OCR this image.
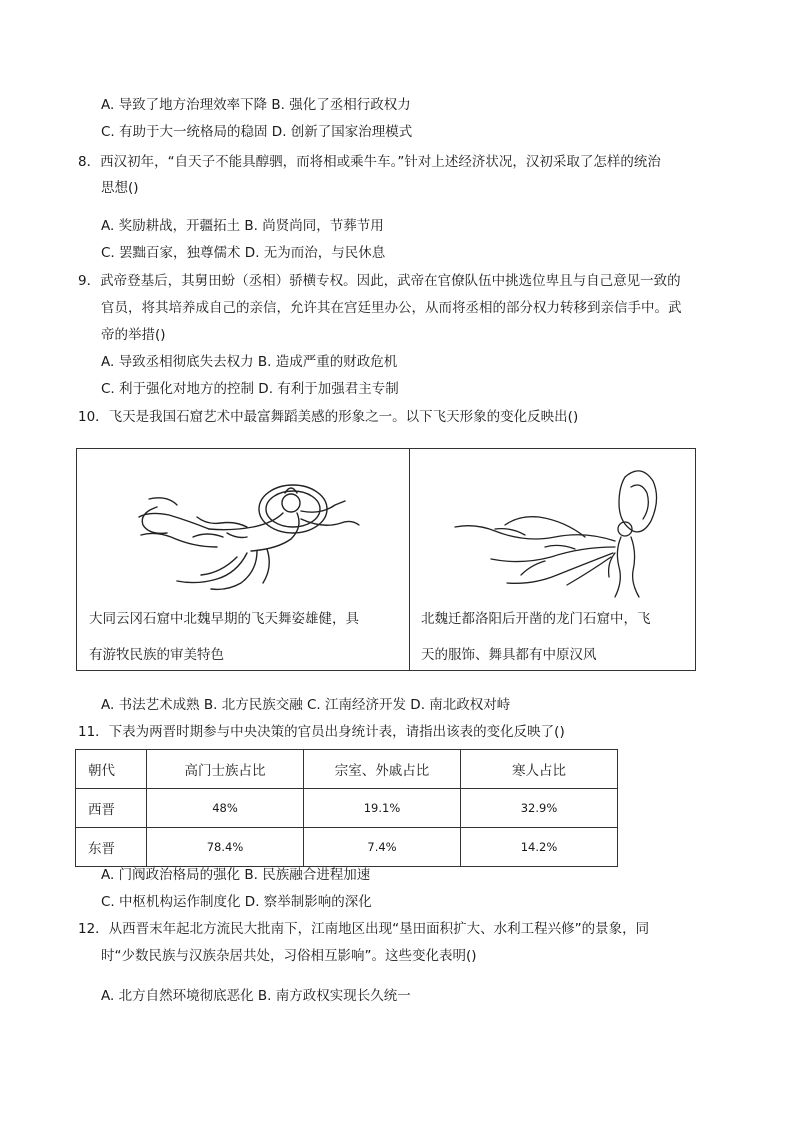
A. 导致了地方治理效率下降 B. 强化了丞相行政权力
C. 有助于大一统格局的稳固 D. 创新了国家治理模式
8．西汉初年，“自天子不能具醇驷，而将相或乘牛车。”针对上述经济状况，汉初采取了怎样的统治
思想()
A. 奖励耕战，开疆拓土 B. 尚贤尚同，节葬节用
C. 罢黜百家，独尊儒术 D. 无为而治，与民休息
9．武帝登基后，其舅田蚡（丞相）骄横专权。因此，武帝在官僚队伍中挑选位卑且与自己意见一致的
官员，将其培养成自己的亲信，允许其在宫廷里办公，从而将丞相的部分权力转移到亲信手中。武
帝的举措()
A. 导致丞相彻底失去权力 B. 造成严重的财政危机
C. 利于强化对地方的控制 D. 有利于加强君主专制
10．飞天是我国石窟艺术中最富舞蹈美感的形象之一。以下飞天形象的变化反映出()
大同云冈石窟中北魏早期的飞天舞姿雄健，具
有游牧民族的审美特色
北魏迁都洛阳后开凿的龙门石窟中，飞
天的服饰、舞具都有中原汉风
A. 书法艺术成熟 B. 北方民族交融 C. 江南经济开发 D. 南北政权对峙
11．下表为两晋时期参与中央决策的官员出身统计表，请指出该表的变化反映了()
朝代	高门士族占比	宗室、外戚占比	寒人占比
西晋	48%	19.1%	32.9%
东晋	78.4%	7.4%	14.2%
A. 门阀政治格局的强化 B. 民族融合进程加速
C. 中枢机构运作制度化 D. 察举制影响的深化
12．从西晋末年起北方流民大批南下，江南地区出现“垦田面积扩大、水利工程兴修”的景象，同
时“少数民族与汉族杂居共处，习俗相互影响”。这些变化表明()
A. 北方自然环境彻底恶化 B. 南方政权实现长久统一
